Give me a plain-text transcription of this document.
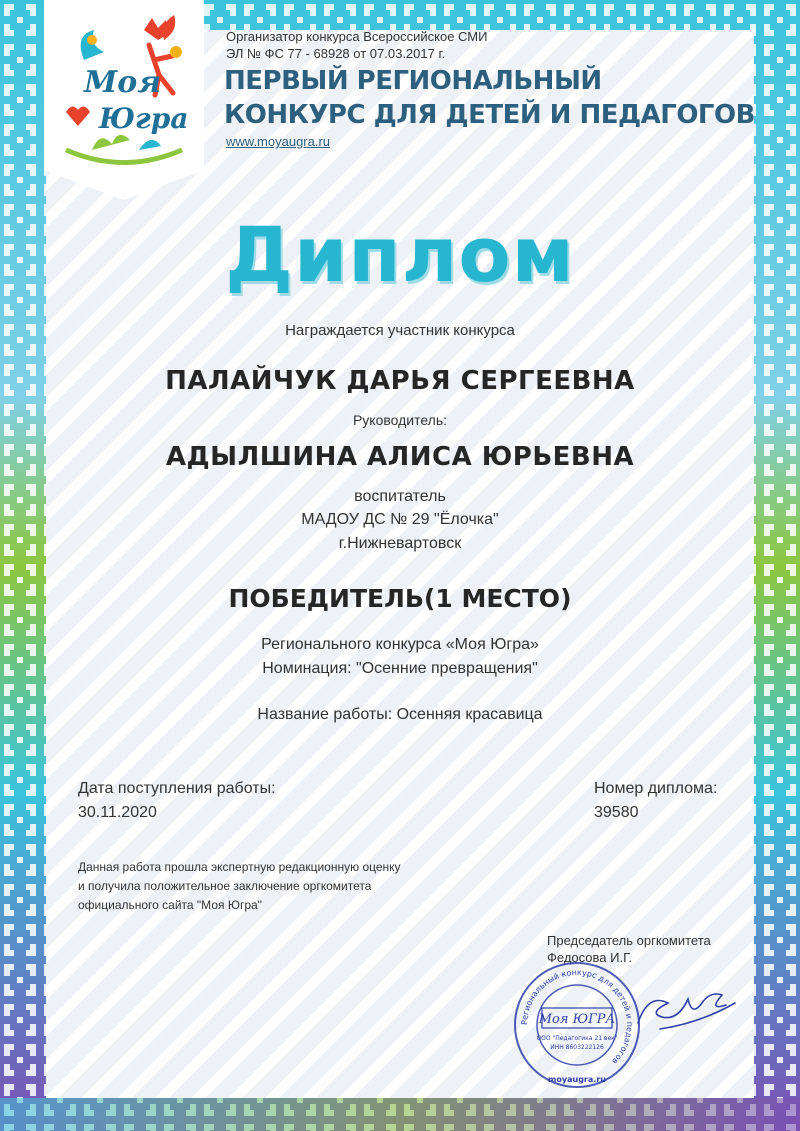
Моя
Югра
Организатор конкурса Всероссийское СМИ
ЭЛ № ФС 77 - 68928 от 07.03.2017 г.
ПЕРВЫЙ РЕГИОНАЛЬНЫЙ
КОНКУРС ДЛЯ ДЕТЕЙ И ПЕДАГОГОВ
www.moyaugra.ru
Диплом
Награждается участник конкурса
ПАЛАЙЧУК ДАРЬЯ СЕРГЕЕВНА
Руководитель:
АДЫЛШИНА АЛИСА ЮРЬЕВНА
воспитатель
МАДОУ ДС № 29 "Ёлочка"
г.Нижневартовск
ПОБЕДИТЕЛЬ(1 МЕСТО)
Регионального конкурса «Моя Югра»
Номинация: "Осенние превращения"
Название работы: Осенняя красавица
Дата поступления работы:
30.11.2020
Номер диплома:
39580
Данная работа прошла экспертную редакционную оценку
и получила положительное заключение оргкомитета
официального сайта "Моя Югра"
Председатель оргкомитета
Федосова И.Г.
Региональный конкурс для детей и педагогов
Моя ЮГРА
ООО "Педагогика 21 век"
ИНН 8603222126
moyaugra.ru
